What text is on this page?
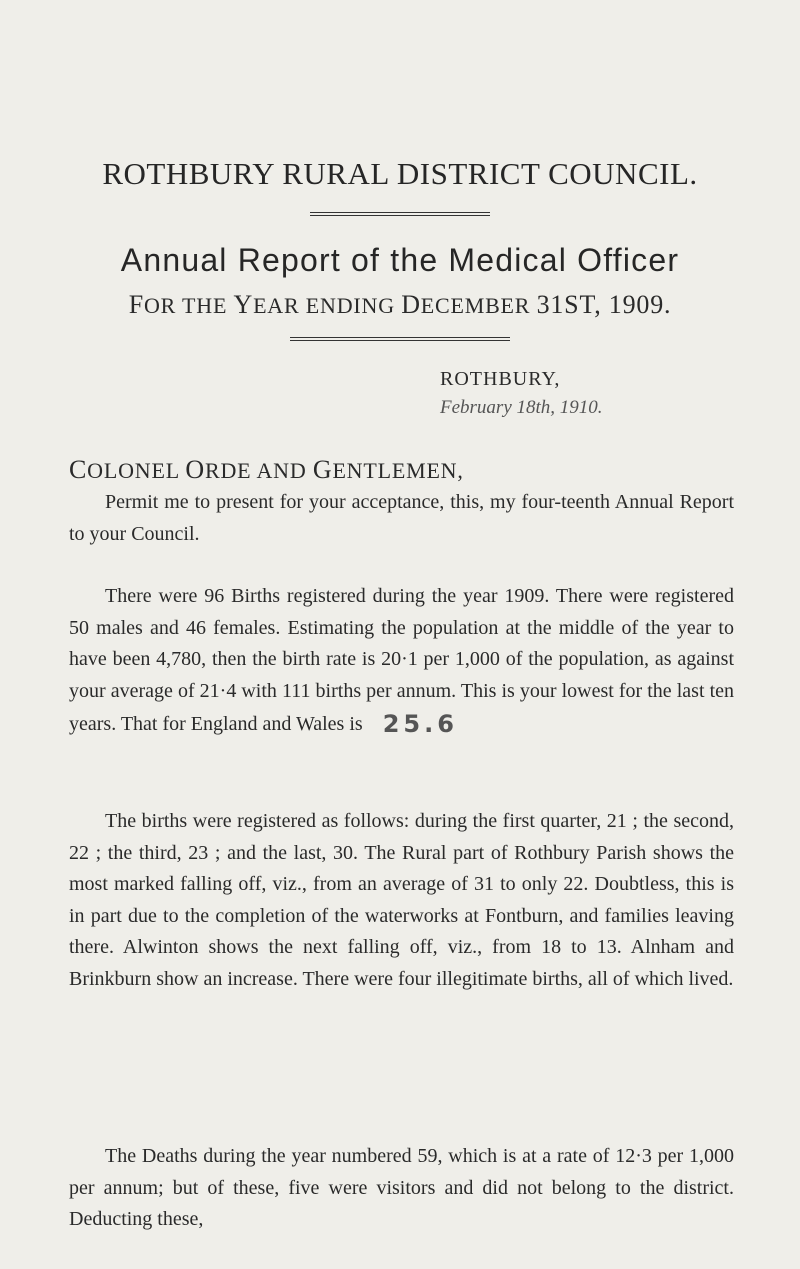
ROTHBURY RURAL DISTRICT COUNCIL.
Annual Report of the Medical Officer
FOR THE YEAR ENDING DECEMBER 31ST, 1909.
ROTHBURY,
February 18th, 1910.
COLONEL ORDE AND GENTLEMEN,

Permit me to present for your acceptance, this, my four-teenth Annual Report to your Council.

There were 96 Births registered during the year 1909. There were registered 50 males and 46 females. Estimating the population at the middle of the year to have been 4,780, then the birth rate is 20·1 per 1,000 of the population, as against your average of 21·4 with 111 births per annum. This is your lowest for the last ten years. That for England and Wales is 25.6

The births were registered as follows: during the first quarter, 21 ; the second, 22 ; the third, 23 ; and the last, 30. The Rural part of Rothbury Parish shows the most marked falling off, viz., from an average of 31 to only 22. Doubtless, this is in part due to the completion of the waterworks at Fontburn, and families leaving there. Alwinton shows the next falling off, viz., from 18 to 13. Alnham and Brinkburn show an increase. There were four illegitimate births, all of which lived.

The Deaths during the year numbered 59, which is at a rate of 12·3 per 1,000 per annum; but of these, five were visitors and did not belong to the district. Deducting these,
